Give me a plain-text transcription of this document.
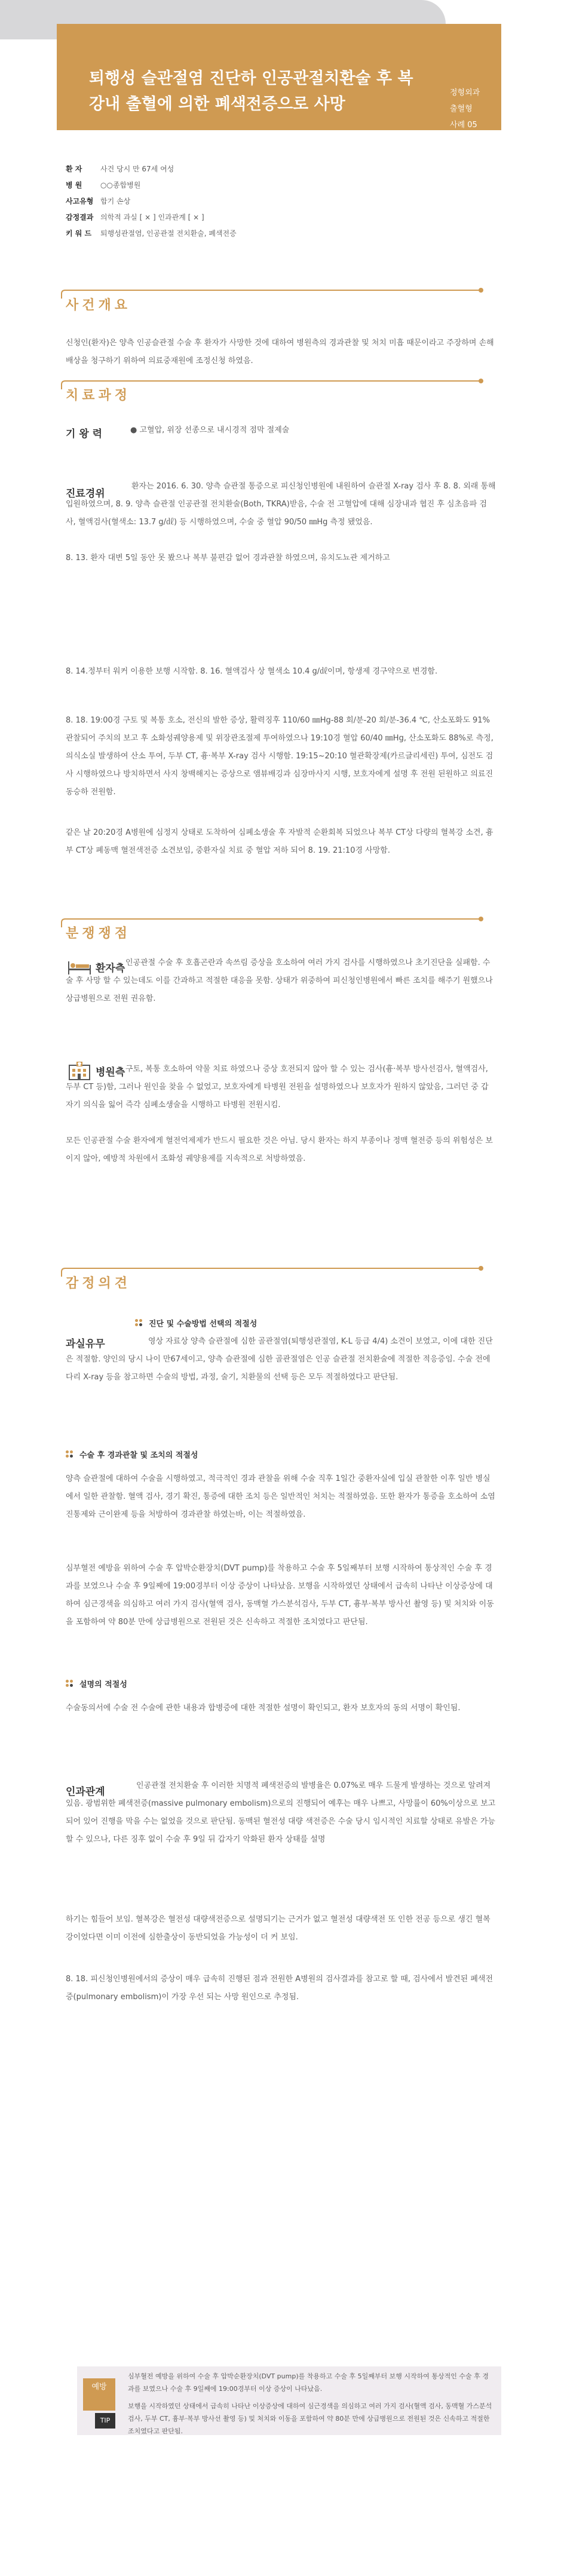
퇴행성 슬관절염 진단하 인공관절치환술 후 복강내 출혈에 의한 폐색전증으로 사망
정형외과
출혈형
사례 05
환 자	사건 당시 만 67세 여성
병 원	○○종합병원
사고유형 합기 손상
감정결과 의학적 과실 [ × ] 인과관계 [ × ]
키 워 드	퇴행성관절염, 인공관절 전치환술, 폐색전증
사건개요

신청인(환자)은 양측 인공슬관절 수술 후 환자가 사망한 것에 대하여 병원측의 경과관찰 및 처치 미흡 때문이라고 주장하며 손해배상을 청구하기 위하여 의료중재원에 조정신청 하였음.

치료과정
기 왕 력	● 고혈압, 위장 선종으로 내시경적 점막 절제술
진료경위

환자는 2016. 6. 30. 양측 슬관절 통증으로 피신청인병원에 내원하여 슬관절 X-ray 검사 후 8. 8. 외래 통해 입원하였으며, 8. 9. 양측 슬관절 인공관절 전치환술(Both, TKRA)받음, 수술 전 고혈압에 대해 심장내과 협진 후 심초음파 검사, 혈액검사(혈색소: 13.7 g/㎗) 등 시행하였으며, 수술 중 혈압 90/50 ㎜Hg 측정 됐었음.

8. 13. 환자 대변 5일 동안 못 봤으나 복부 불편감 없어 경과관찰 하였으며, 유치도뇨관 제거하고

8. 14.정부터 워커 이용한 보행 시작함. 8. 16. 혈액검사 상 혈색소 10.4 g/㎗이며, 항생제 경구약으로 변경함.

8. 18. 19:00경 구토 및 복통 호소, 전신의 발한 증상, 활력징후 110/60 ㎜Hg-88 회/분-20 회/분-36.4 ℃, 산소포화도 91% 관찰되어 주치의 보고 후 소화성궤양용제 및 위장관조절제 투여하였으나 19:10경 혈압 60/40 ㎜Hg, 산소포화도 88%로 측정, 의식소실 발생하여 산소 투여, 두부 CT, 흉·복부 X-ray 검사 시행함. 19:15~20:10 혈관확장제(카르글리세린) 투여, 심전도 검사 시행하였으나 방치하면서 사지 창백해지는 증상으로 앰뷰배깅과 심장마사지 시행, 보호자에게 설명 후 전원 된원하고 의료진 동승하 전원함.

같은 날 20:20경 A병원에 심정지 상태로 도착하여 심폐소생술 후 자발적 순환회복 되었으나 복부 CT상 다량의 혈복강 소견, 흉부 CT상 폐동맥 혈전색전증 소견보임, 중환자실 치료 중 혈압 저하 되어 8. 19. 21:10경 사망함.

분쟁쟁점
환자측 인공관절 수술 후 호흡곤란과 속쓰림 증상을 호소하여 여러 가지 검사를 시행하였으나 초기진단을 실패함. 수술 후 사망 할 수 있는데도 이를 간과하고 적절한 대응을 못함. 상태가 위중하여 피신청인병원에서 빠른 조치를 해주기 원했으나 상급병원으로 전원 권유함.

병원측 구토, 복통 호소하여 약물 치료 하였으나 증상 호전되지 않아 할 수 있는 검사(흉·복부 방사선검사, 혈액검사, 두부 CT 등)함, 그러나 원인을 찾을 수 없었고, 보호자에게 타병원 전원을 설명하였으나 보호자가 원하지 않았음, 그러던 중 갑자기 의식을 잃어 즉각 심폐소생술을 시행하고 타병원 전원시킴.

모든 인공관절 수술 환자에게 혈전억제제가 반드시 필요한 것은 아님. 당시 환자는 하지 부종이나 정맥 혈전증 등의 위험성은 보이지 않아, 예방적 차원에서 조화성 궤양용제를 지속적으로 처방하였음.

감정의견
과실유무
진단 및 수술방법 선택의 적절성

영상 자료상 양측 슬관절에 심한 골관절염(퇴행성관절염, K-L 등급 4/4) 소견이 보였고, 이에 대한 진단은 적절함. 양인의 당시 나이 만67세이고, 양측 슬관절에 심한 골관절염은 인공 슬관절 전치환술에 적절한 적응증임. 수술 전에 다리 X-ray 등을 참고하면 수술의 방법, 과정, 술기, 치환물의 선택 등은 모두 적절하였다고 판단됨.

수술 후 경과관찰 및 조치의 적절성

양측 슬관절에 대하여 수술을 시행하였고, 적극적인 경과 관찰을 위해 수술 직후 1일간 중환자실에 입실 관찰한 이후 일반 병실에서 일한 관찰함. 혈액 검사, 경기 확진, 통증에 대한 조치 등은 일반적인 처치는 적절하였음. 또한 환자가 통증을 호소하여 소염진통제와 근이완제 등을 처방하여 경과관찰 하였는바, 이는 적절하였음.

심부혈전 예방을 위하여 수술 후 압박순환장치(DVT pump)를 착용하고 수술 후 5일째부터 보행 시작하여 통상적인 수술 후 경과를 보였으나 수술 후 9일째에 19:00경부터 이상 증상이 나타났음. 보행을 시작하였던 상태에서 급속히 나타난 이상증상에 대하여 심근경색을 의심하고 여러 가지 검사(혈액 검사, 동맥혈 가스분석검사, 두부 CT, 흉부·복부 방사선 촬영 등) 및 처치와 이동을 포함하여 약 80분 만에 상급병원으로 전원된 것은 신속하고 적절한 조치였다고 판단됨.

설명의 적절성

수술동의서에 수술 전 수술에 관한 내용과 합병증에 대한 적절한 설명이 확인되고, 환자 보호자의 동의 서명이 확인됨.

인과관계

인공관절 전치환술 후 이러한 치명적 폐색전증의 발병율은 0.07%로 매우 드물게 발생하는 것으로 알려져 있음. 광범위한 폐색전증(massive pulmonary embolism)으로의 진행되어 예후는 매우 나쁘고, 사망률이 60%이상으로 보고되어 있어 진행을 막을 수는 없었을 것으로 판단됨. 동맥된 혈전성 대량 색전증은 수술 당시 임시적인 치료할 상태로 유발은 가능할 수 있으나, 다른 징후 없이 수술 후 9일 뒤 갑자기 악화된 환자 상태를 설명

하기는 힘들어 보임. 혈복강은 혈전성 대량색전증으로 설명되기는 근거가 없고 혈전성 대량색전 또 인한 전공 등으로 생긴 혈복강이었다면 이미 이전에 심한출상이 동반되었을 가능성이 더 커 보임.

8. 18. 피신청인병원에서의 증상이 매우 급속히 진행된 점과 전원한 A병원의 검사결과를 참고로 할 때, 검사에서 발견된 폐색전증(pulmonary embolism)이 가장 우선 되는 사망 원인으로 추정됨.

예방
TIP

심부혈전 예방을 위하여 수술 후 압박순환장치(DVT pump)를 착용하고 수술 후 5일째부터 보행 시작하여 통상적인 수술 후 경과를 보였으나 수술 후 9일째에 19:00경부터 이상 증상이 나타났음.

보행을 시작하였던 상태에서 급속히 나타난 이상증상에 대하여 심근경색을 의심하고 여러 가지 검사(혈액 검사, 동맥혈 가스분석검사, 두부 CT, 흉부·복부 방사선 촬영 등) 및 처치와 이동을 포함하여 약 80분 만에 상급병원으로 전원된 것은 신속하고 적절한 조치였다고 판단됨.
